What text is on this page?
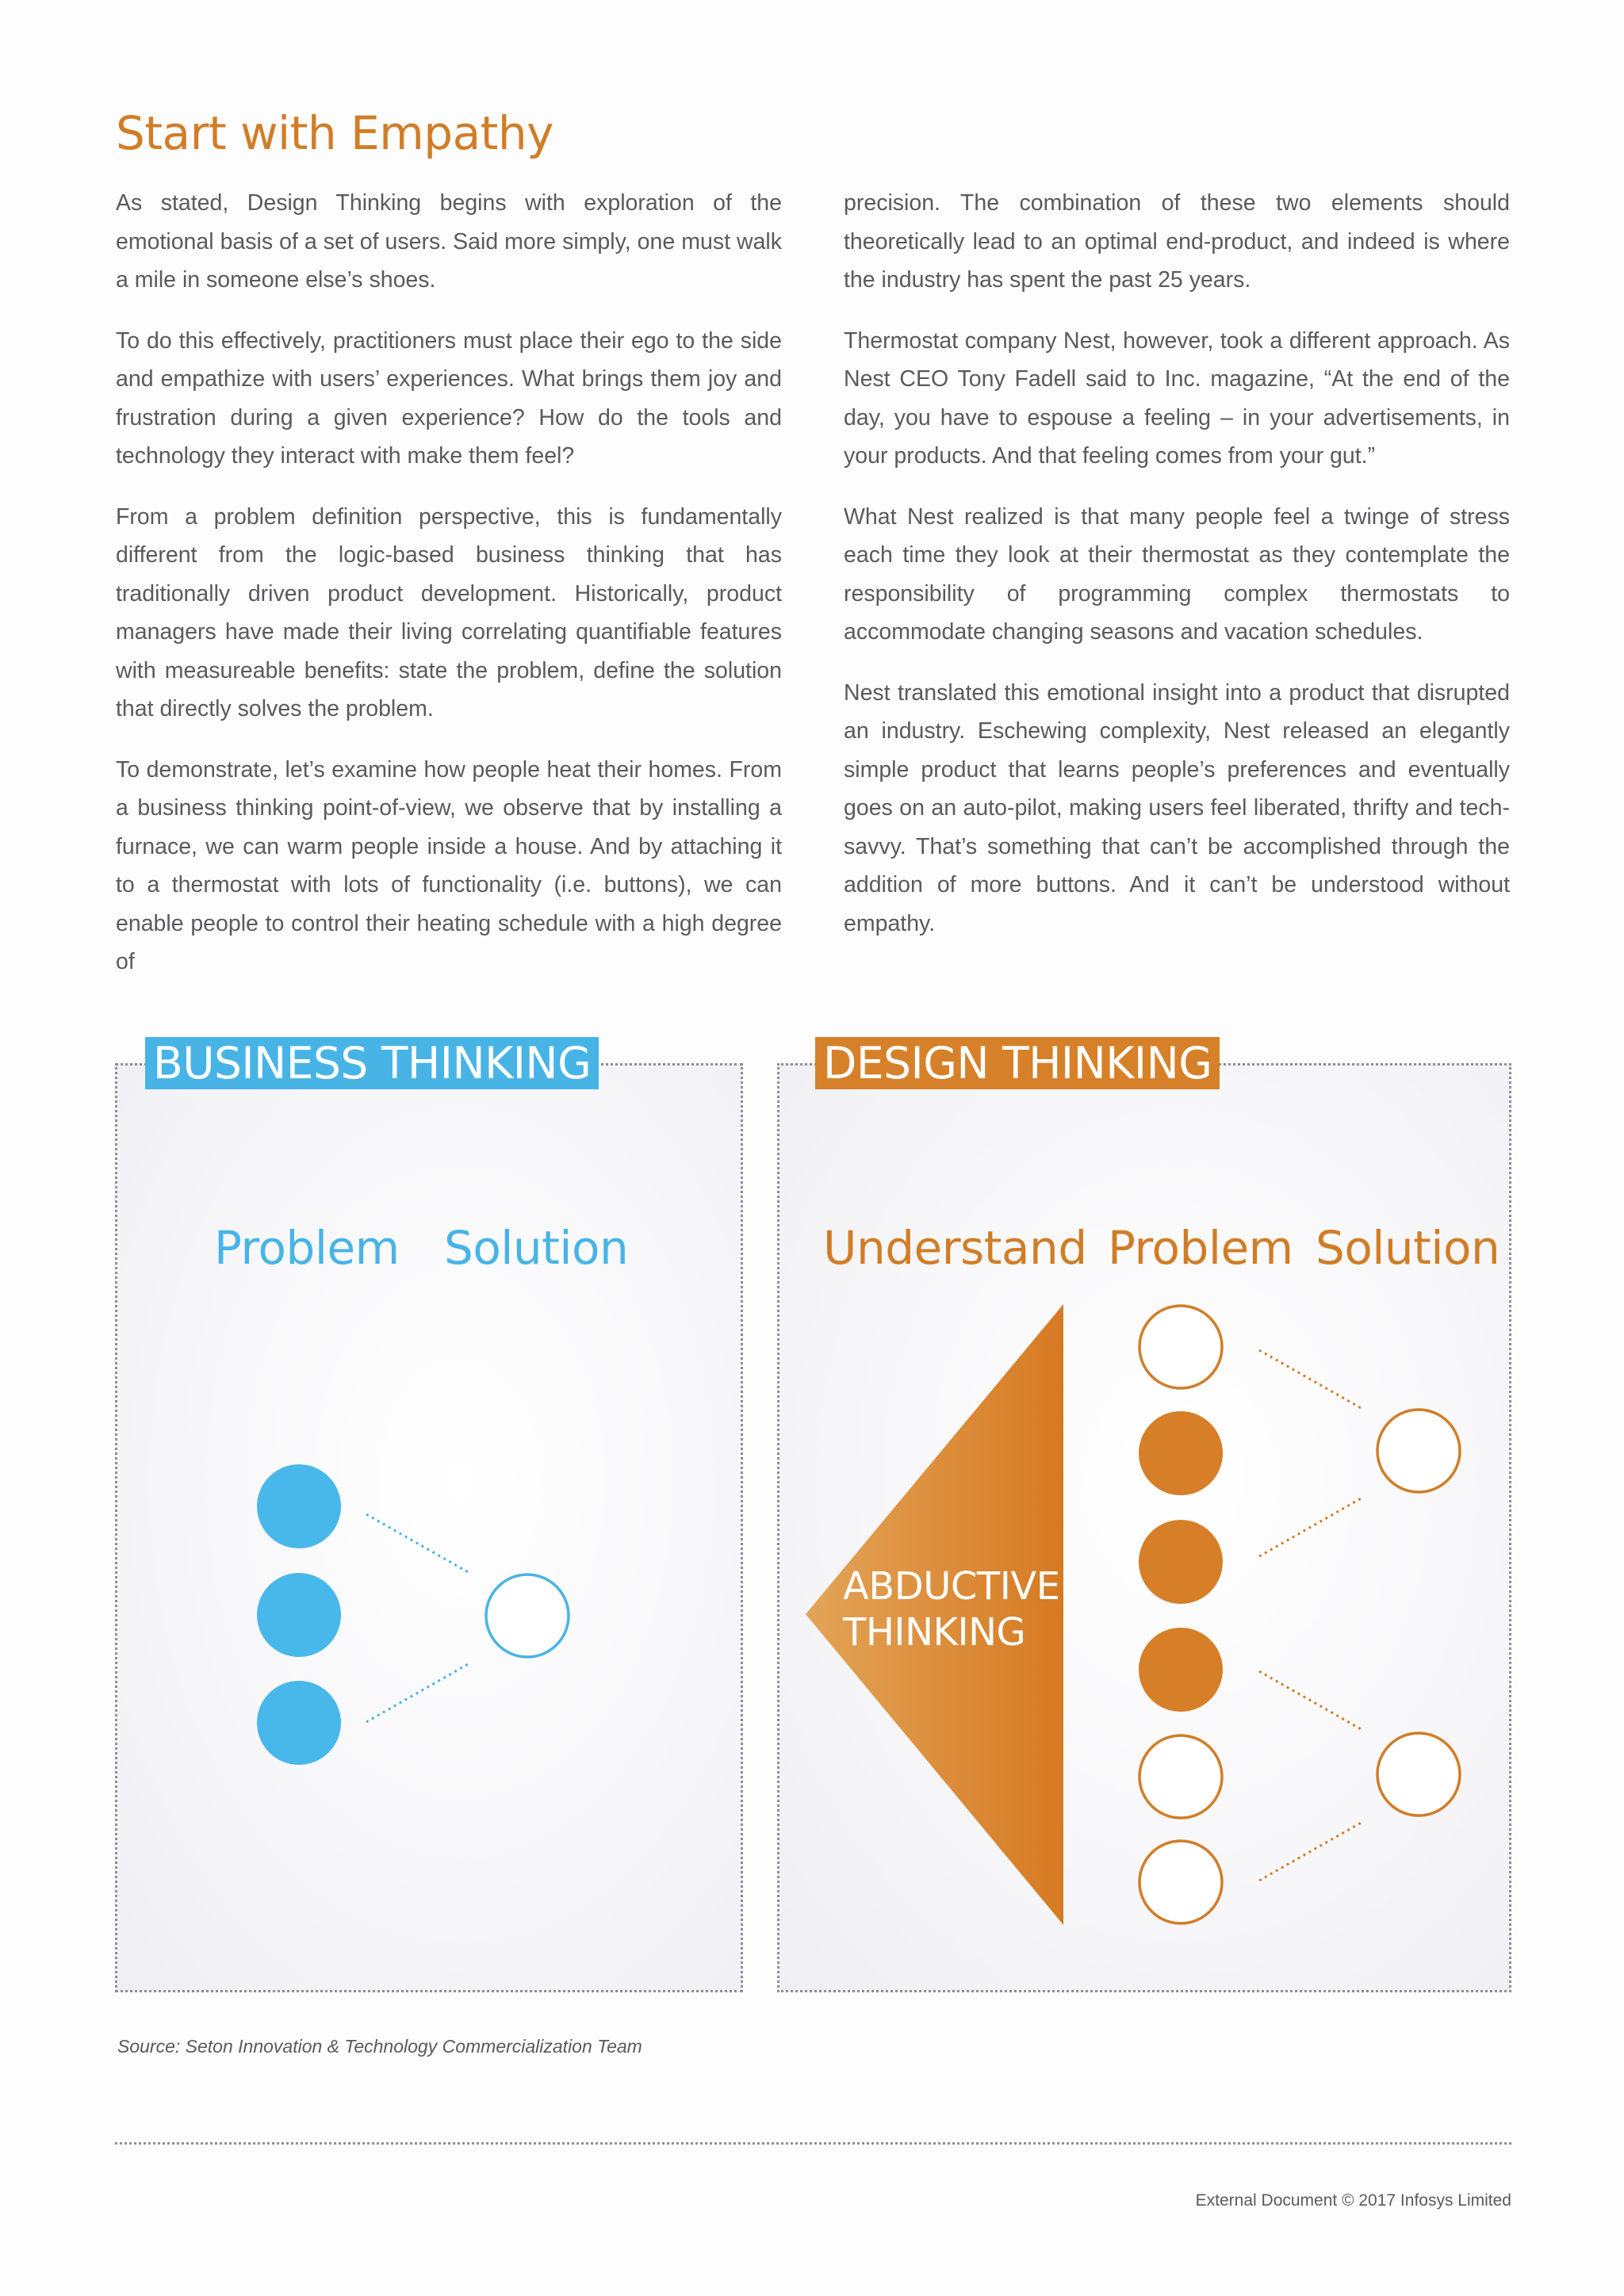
Start with Empathy

As stated, Design Thinking begins with exploration of the emotional basis of a set of users. Said more simply, one must walk a mile in someone else’s shoes.

To do this effectively, practitioners must place their ego to the side and empathize with users’ experiences. What brings them joy and frustration during a given experience? How do the tools and technology they interact with make them feel?

From a problem definition perspective, this is fundamentally different from the logic-based business thinking that has traditionally driven product development. Historically, product managers have made their living correlating quantifiable features with measureable benefits: state the problem, define the solution that directly solves the problem.

To demonstrate, let’s examine how people heat their homes. From a business thinking point-of-view, we observe that by installing a furnace, we can warm people inside a house. And by attaching it to a thermostat with lots of functionality (i.e. buttons), we can enable people to control their heating schedule with a high degree of

precision. The combination of these two elements should theoretically lead to an optimal end-product, and indeed is where the industry has spent the past 25 years.

Thermostat company Nest, however, took a different approach. As Nest CEO Tony Fadell said to Inc. magazine, “At the end of the day, you have to espouse a feeling – in your advertisements, in your products. And that feeling comes from your gut.”

What Nest realized is that many people feel a twinge of stress each time they look at their thermostat as they contemplate the responsibility of programming complex thermostats to accommodate changing seasons and vacation schedules.

Nest translated this emotional insight into a product that disrupted an industry. Eschewing complexity, Nest released an elegantly simple product that learns people’s preferences and eventually goes on an auto-pilot, making users feel liberated, thrifty and tech-savvy. That’s something that can’t be accomplished through the addition of more buttons. And it can’t be understood without empathy.

BUSINESS THINKING	DESIGN THINKING
Problem Solution	Understand Problem Solution
ABDUCTIVE
THINKING
Source: Seton Innovation & Technology Commercialization Team
External Document © 2017 Infosys Limited
